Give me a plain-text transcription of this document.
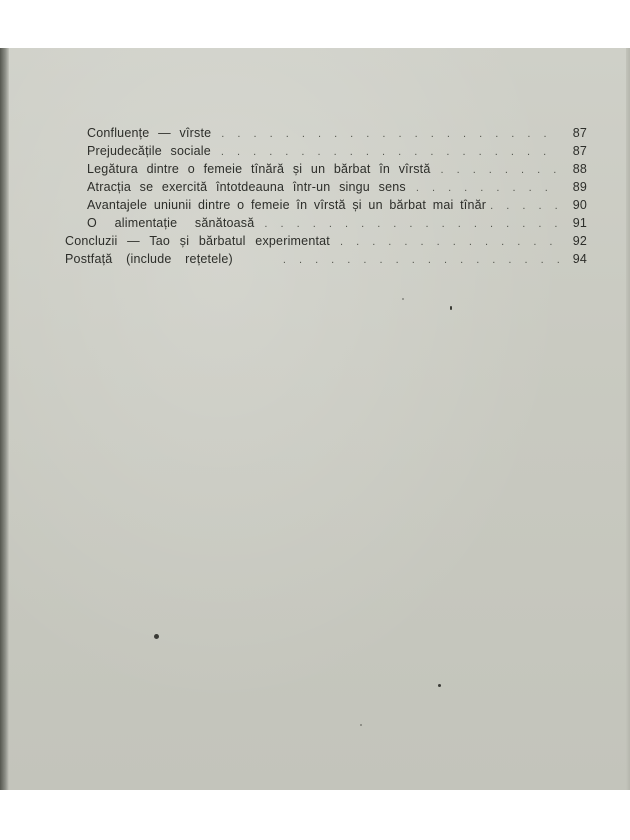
Confluențe — vîrste . . .	87
Prejudecățile sociale . . .	87
Legătura dintre o femeie tînără și un bărbat în vîrstă . . .	88
Atracția se exercită întotdeauna într-un singu sens . . .	89
Avantajele uniunii dintre o femeie în vîrstă și un bărbat mai tînăr . . .	90
O alimentație sănătoasă . . .	91
Concluzii — Tao și bărbatul experimentat . . .	92
Postfață (include rețetele) . . .	94
